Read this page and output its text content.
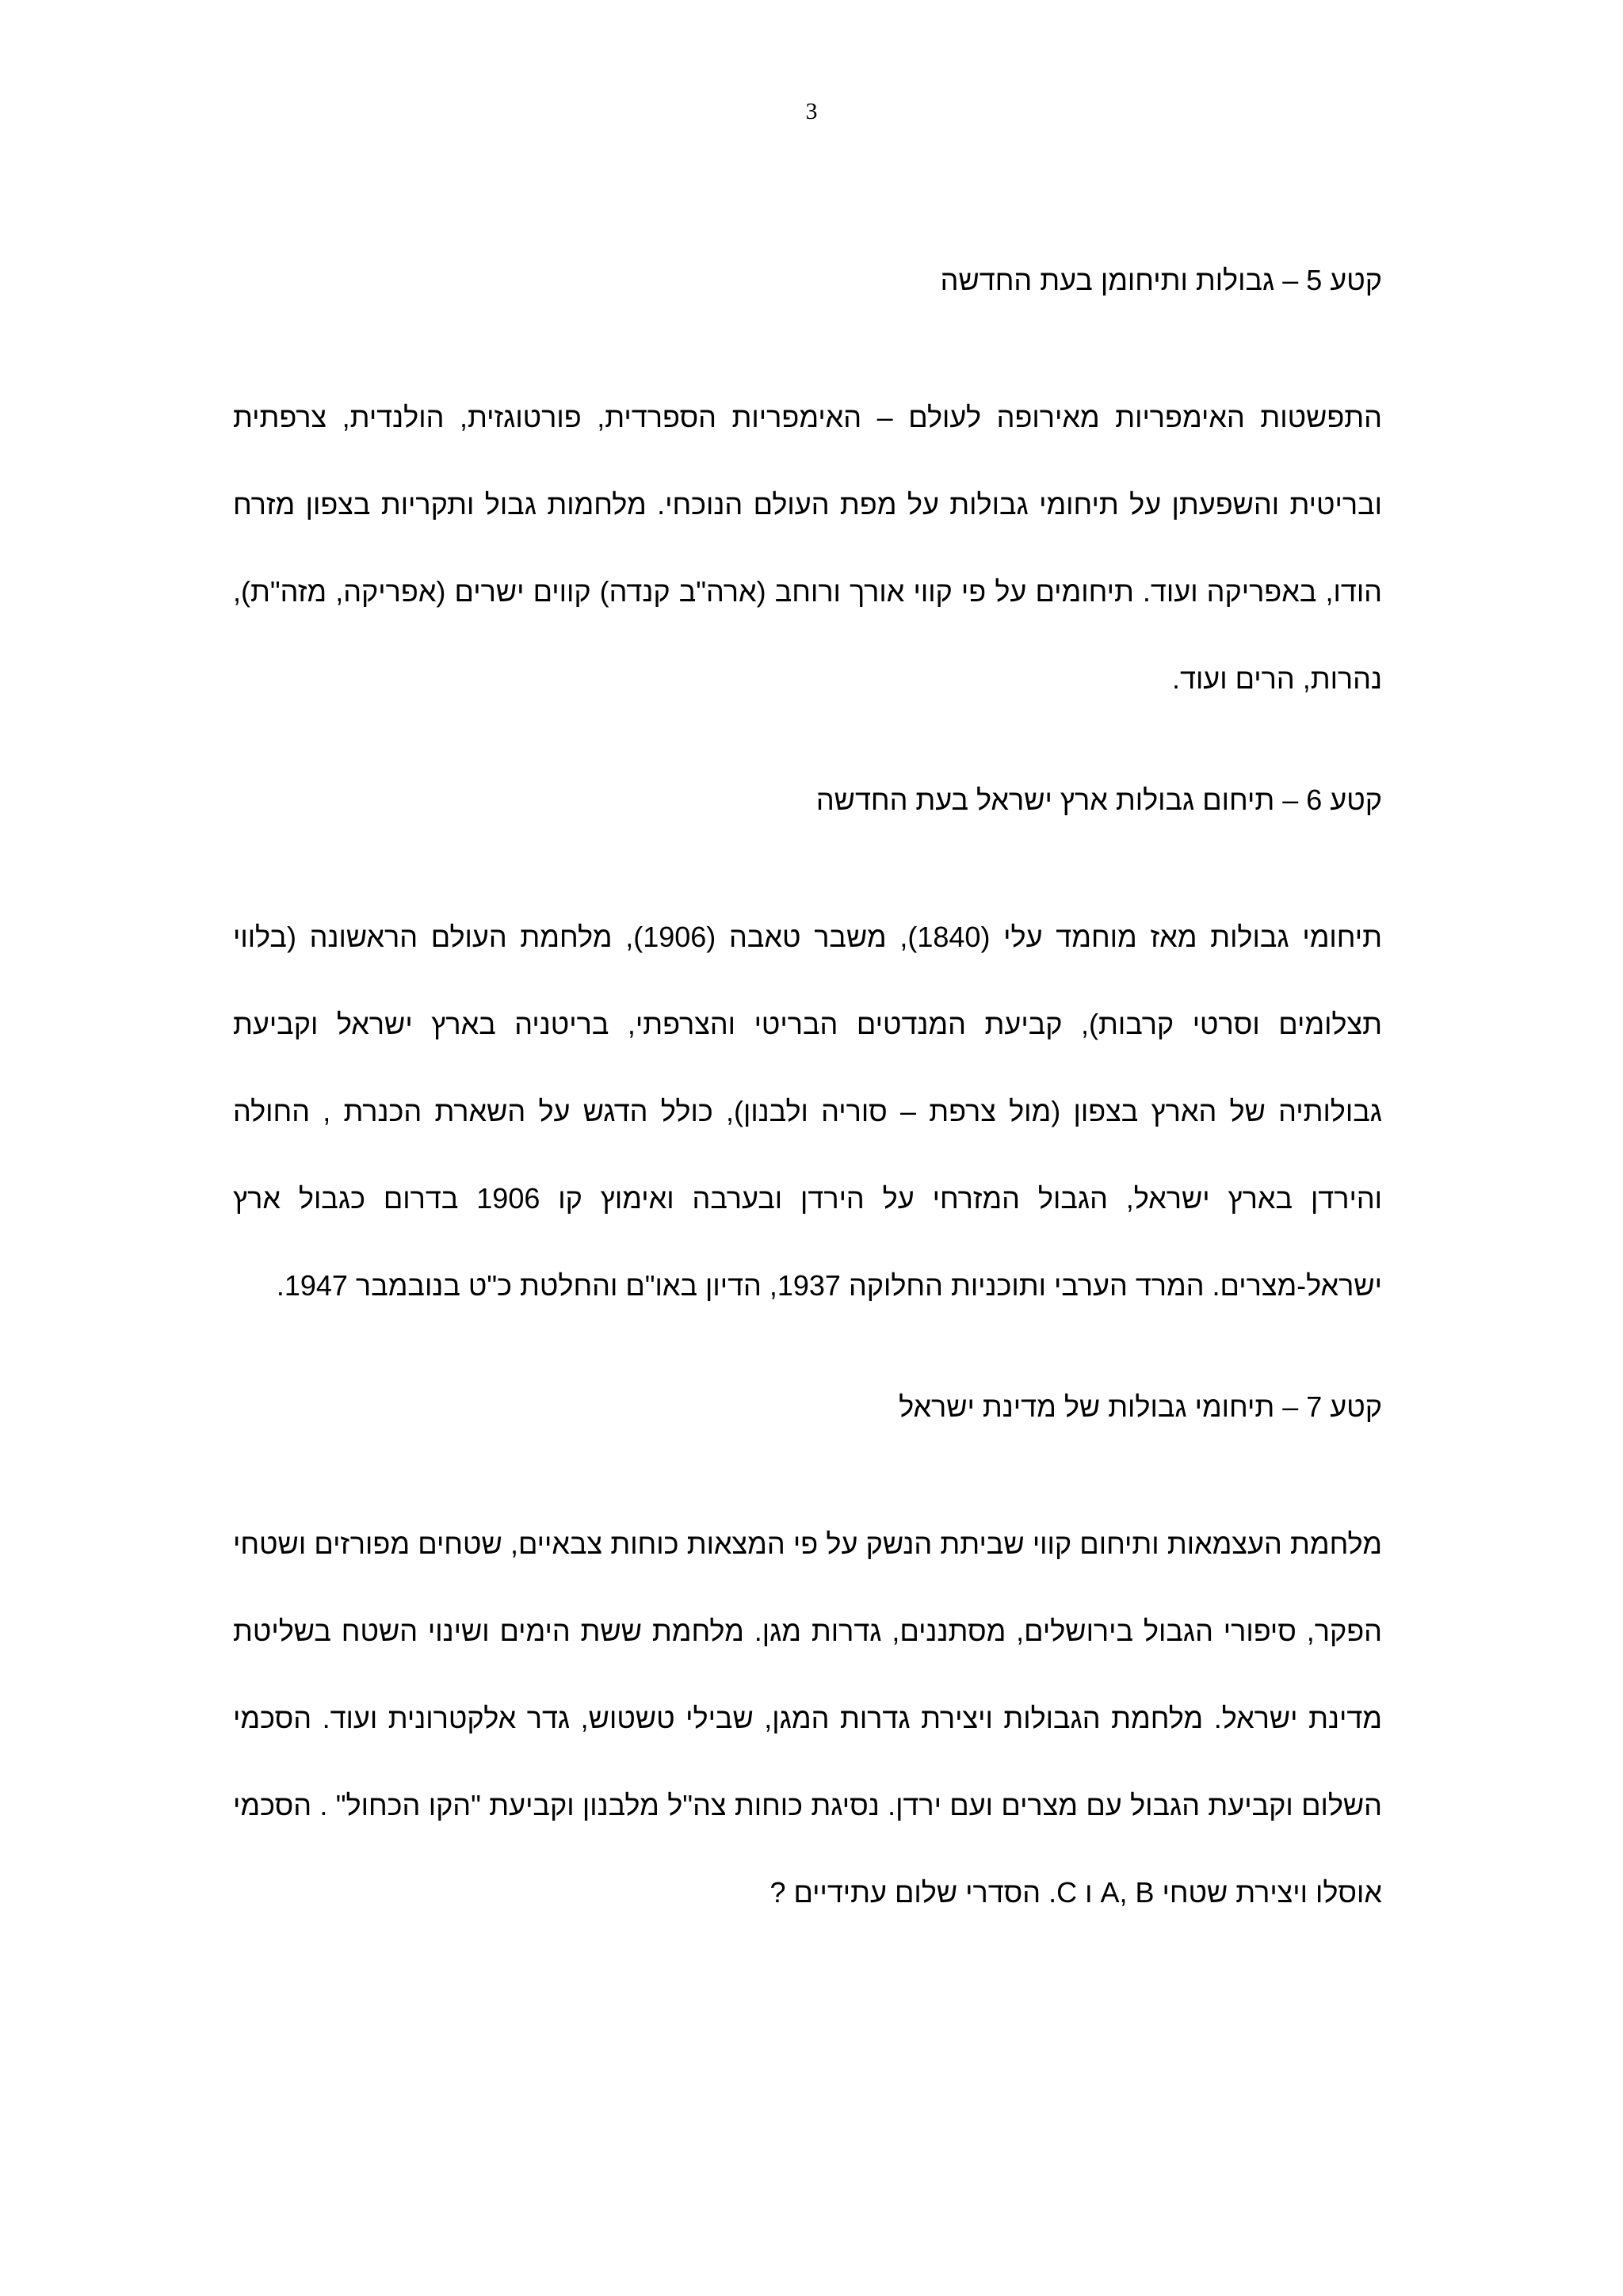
3

קטע 5 – גבולות ותיחומן בעת החדשה

התפשטות האימפריות מאירופה לעולם – האימפריות הספרדית, פורטוגזית, הולנדית, צרפתית ובריטית והשפעתן על תיחומי גבולות על מפת העולם הנוכחי. מלחמות גבול ותקריות בצפון מזרח הודו, באפריקה ועוד. תיחומים על פי קווי אורך ורוחב (ארה"ב קנדה) קווים ישרים (אפריקה, מזה"ת), נהרות, הרים ועוד.

קטע 6 – תיחום גבולות ארץ ישראל בעת החדשה

תיחומי גבולות מאז מוחמד עלי (1840), משבר טאבה (1906), מלחמת העולם הראשונה (בלווי תצלומים וסרטי קרבות), קביעת המנדטים הבריטי והצרפתי, בריטניה בארץ ישראל וקביעת גבולותיה של הארץ בצפון (מול צרפת – סוריה ולבנון), כולל הדגש על השארת הכנרת , החולה והירדן בארץ ישראל, הגבול המזרחי על הירדן ובערבה ואימוץ קו 1906 בדרום כגבול ארץ ישראל-מצרים. המרד הערבי ותוכניות החלוקה 1937, הדיון באו"ם והחלטת כ"ט בנובמבר 1947.

קטע 7 – תיחומי גבולות של מדינת ישראל

מלחמת העצמאות ותיחום קווי שביתת הנשק על פי המצאות כוחות צבאיים, שטחים מפורזים ושטחי הפקר, סיפורי הגבול בירושלים, מסתננים, גדרות מגן. מלחמת ששת הימים ושינוי השטח בשליטת מדינת ישראל. מלחמת הגבולות ויצירת גדרות המגן, שבילי טשטוש, גדר אלקטרונית ועוד. הסכמי השלום וקביעת הגבול עם מצרים ועם ירדן. נסיגת כוחות צה"ל מלבנון וקביעת "הקו הכחול" . הסכמי אוסלו ויצירת שטחי A, B ו C. הסדרי שלום עתידיים ?
